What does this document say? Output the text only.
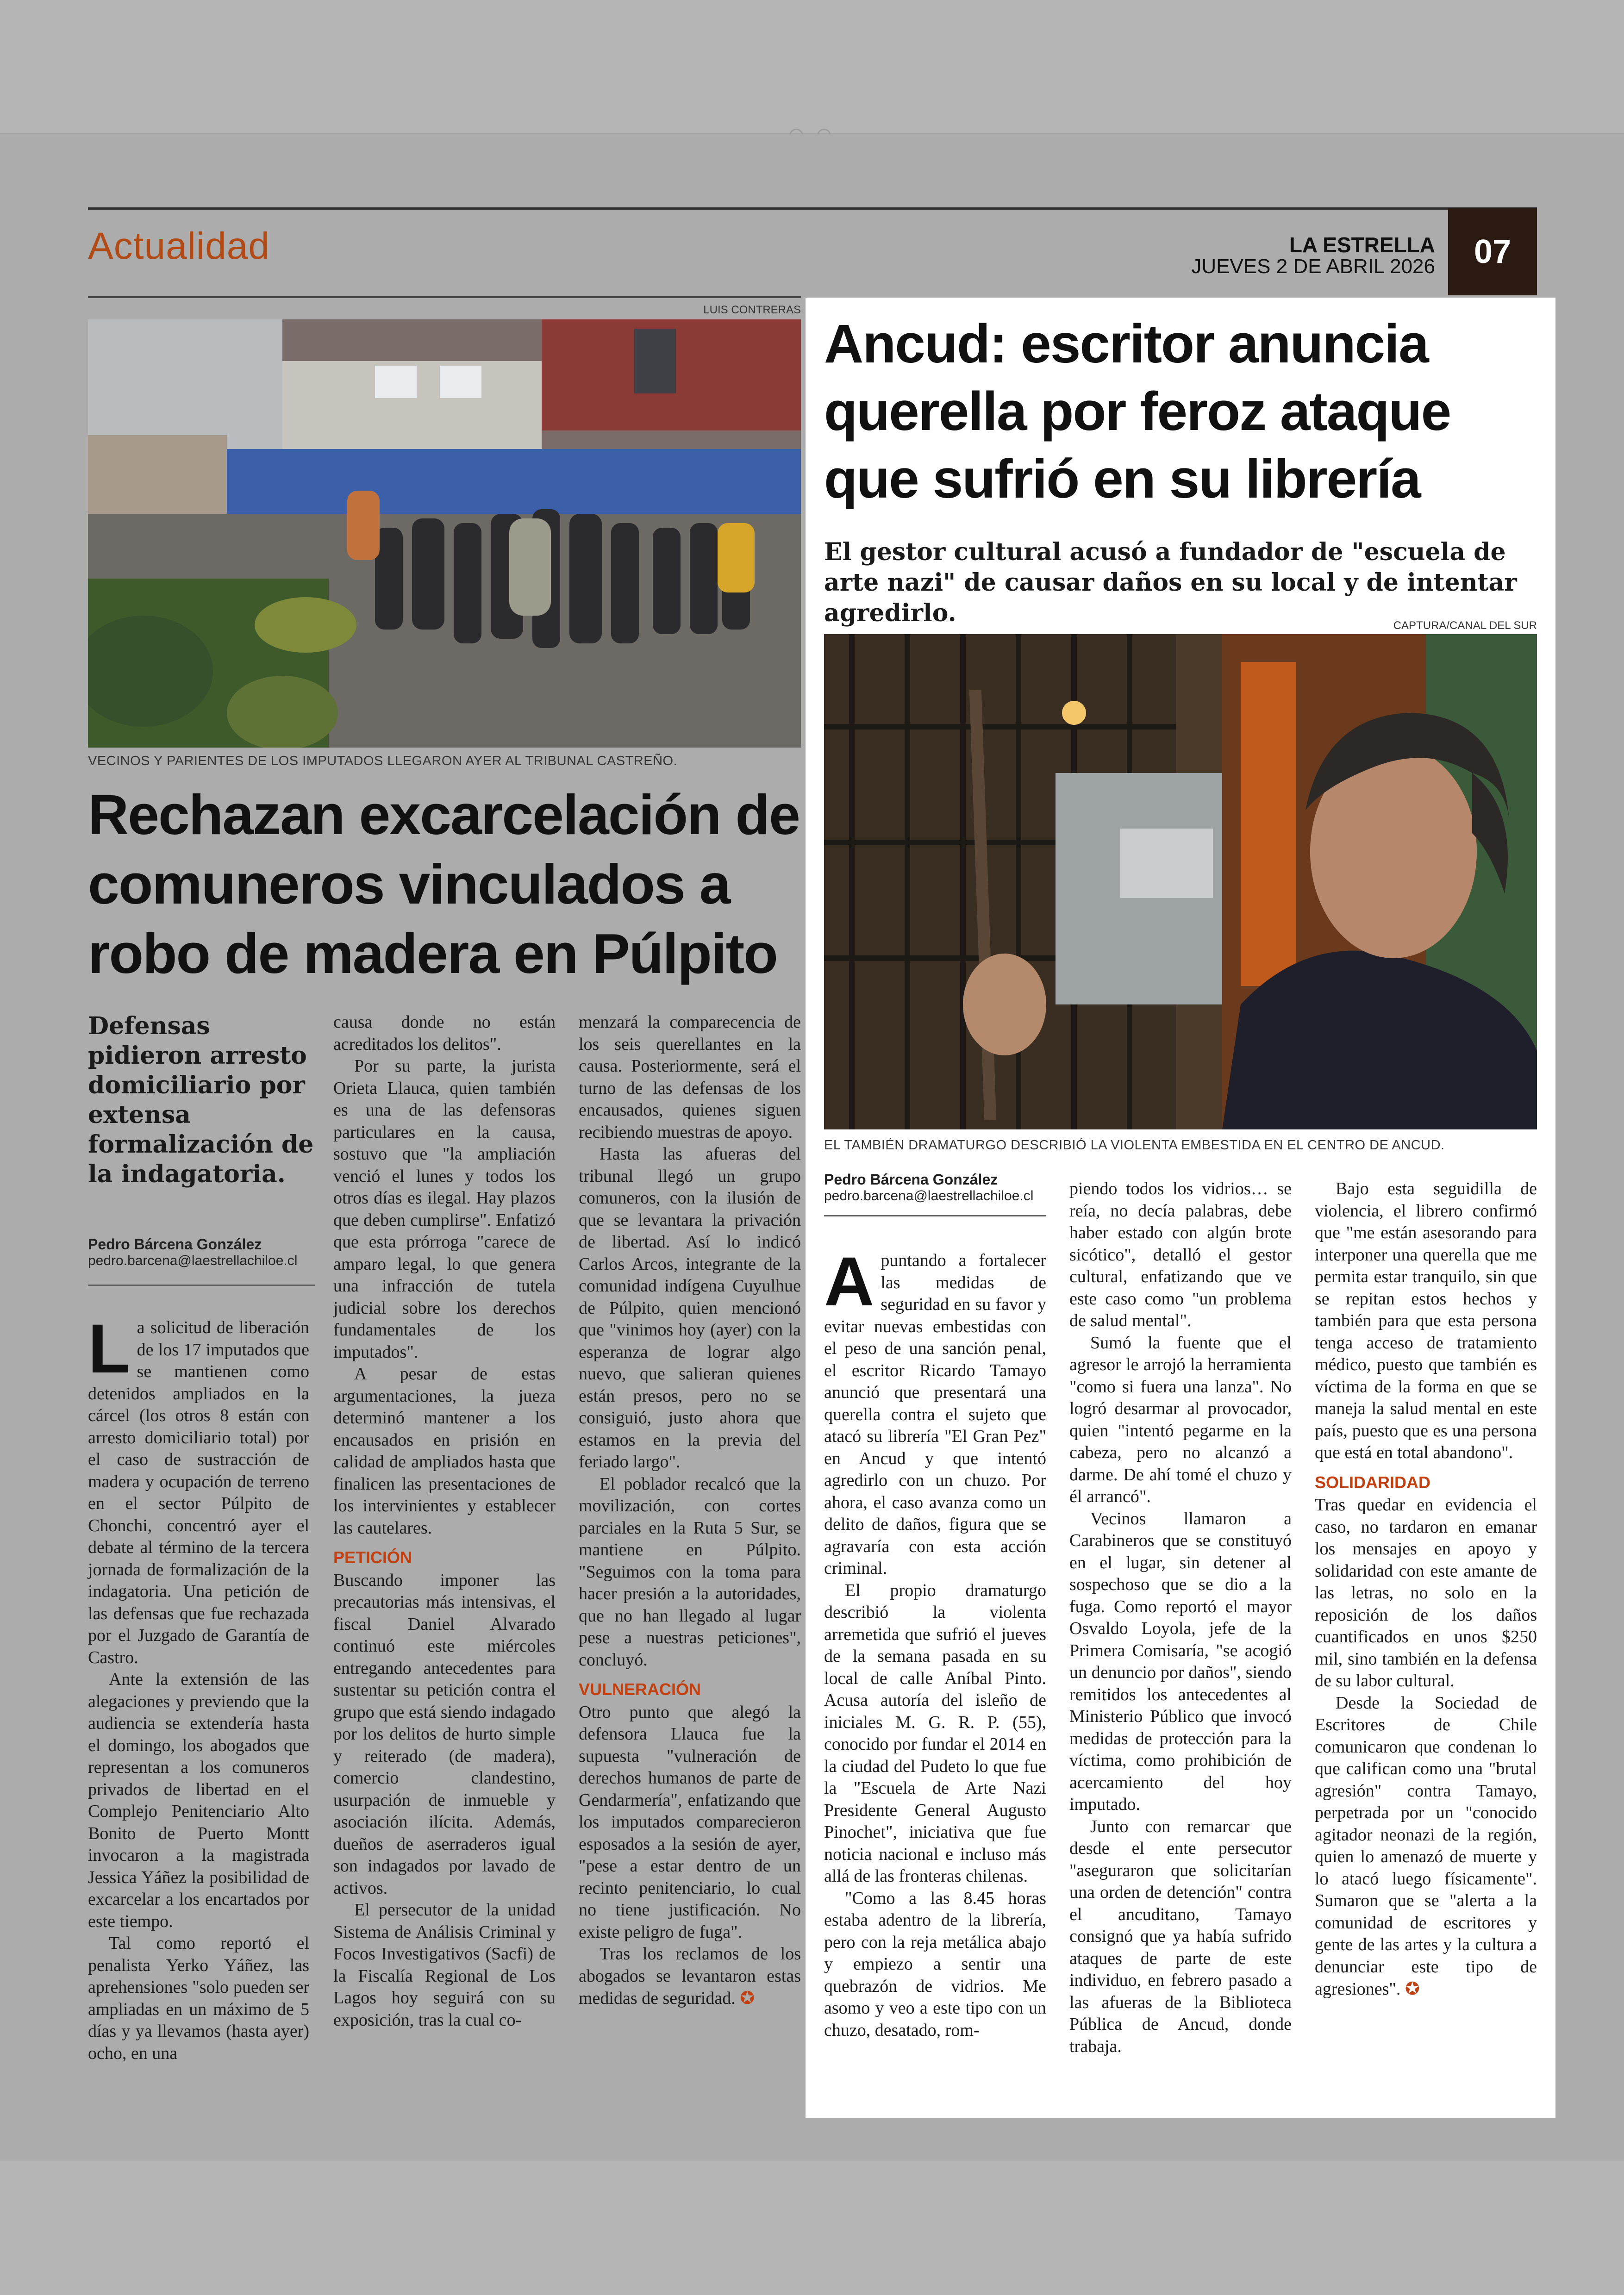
Actualidad	LA ESTRELLA
JUEVES 2 DE ABRIL 2026	07
LUIS CONTRERAS
VECINOS Y PARIENTES DE LOS IMPUTADOS LLEGARON AYER AL TRIBUNAL CASTREÑO.
Rechazan excarcelación de comuneros vinculados a robo de madera en Púlpito
Defensas pidieron arresto domiciliario por extensa formalización de la indagatoria.
Pedro Bárcena González
pedro.barcena@laestrellachiloe.cl

La solicitud de liberación de los 17 imputados que se mantienen como detenidos ampliados en la cárcel (los otros 8 están con arresto domiciliario total) por el caso de sustracción de madera y ocupación de terreno en el sector Púlpito de Chonchi, concentró ayer el debate al término de la tercera jornada de formalización de la indagatoria. Una petición de las defensas que fue rechazada por el Juzgado de Garantía de Castro.

Ante la extensión de las alegaciones y previendo que la audiencia se extendería hasta el domingo, los abogados que representan a los comuneros privados de libertad en el Complejo Penitenciario Alto Bonito de Puerto Montt invocaron a la magistrada Jessica Yáñez la posibilidad de excarcelar a los encartados por este tiempo.

Tal como reportó el penalista Yerko Yáñez, las aprehensiones "solo pueden ser ampliadas en un máximo de 5 días y ya llevamos (hasta ayer) ocho, en una

causa donde no están acreditados los delitos".

Por su parte, la jurista Orieta Llauca, quien también es una de las defensoras particulares en la causa, sostuvo que "la ampliación venció el lunes y todos los otros días es ilegal. Hay plazos que deben cumplirse". Enfatizó que esta prórroga "carece de amparo legal, lo que genera una infracción de tutela judicial sobre los derechos fundamentales de los imputados".

A pesar de estas argumentaciones, la jueza determinó mantener a los encausados en prisión en calidad de ampliados hasta que finalicen las presentaciones de los intervinientes y establecer las cautelares.

PETICIÓN

Buscando imponer las precautorias más intensivas, el fiscal Daniel Alvarado continuó este miércoles entregando antecedentes para sustentar su petición contra el grupo que está siendo indagado por los delitos de hurto simple y reiterado (de madera), comercio clandestino, usurpación de inmueble y asociación ilícita. Además, dueños de aserraderos igual son indagados por lavado de activos.

El persecutor de la unidad Sistema de Análisis Criminal y Focos Investigativos (Sacfi) de la Fiscalía Regional de Los Lagos hoy seguirá con su exposición, tras la cual co-

menzará la comparecencia de los seis querellantes en la causa. Posteriormente, será el turno de las defensas de los encausados, quienes siguen recibiendo muestras de apoyo.

Hasta las afueras del tribunal llegó un grupo comuneros, con la ilusión de que se levantara la privación de libertad. Así lo indicó Carlos Arcos, integrante de la comunidad indígena Cuyulhue de Púlpito, quien mencionó que "vinimos hoy (ayer) con la esperanza de lograr algo nuevo, que salieran quienes están presos, pero no se consiguió, justo ahora que estamos en la previa del feriado largo".

El poblador recalcó que la movilización, con cortes parciales en la Ruta 5 Sur, se mantiene en Púlpito. "Seguimos con la toma para hacer presión a la autoridades, que no han llegado al lugar pese a nuestras peticiones", concluyó.

VULNERACIÓN

Otro punto que alegó la defensora Llauca fue la supuesta "vulneración de derechos humanos de parte de Gendarmería", enfatizando que los imputados comparecieron esposados a la sesión de ayer, "pese a estar dentro de un recinto penitenciario, lo cual no tiene justificación. No existe peligro de fuga".

Tras los reclamos de los abogados se levantaron estas medidas de seguridad. ✪

Ancud: escritor anuncia querella por feroz ataque que sufrió en su librería
El gestor cultural acusó a fundador de "escuela de arte nazi" de causar daños en su local y de intentar agredirlo.	CAPTURA/CANAL DEL SUR
EL TAMBIÉN DRAMATURGO DESCRIBIÓ LA VIOLENTA EMBESTIDA EN EL CENTRO DE ANCUD.
Pedro Bárcena González
pedro.barcena@laestrellachiloe.cl

Apuntando a fortalecer las medidas de seguridad en su favor y evitar nuevas embestidas con el peso de una sanción penal, el escritor Ricardo Tamayo anunció que presentará una querella contra el sujeto que atacó su librería "El Gran Pez" en Ancud y que intentó agredirlo con un chuzo. Por ahora, el caso avanza como un delito de daños, figura que se agravaría con esta acción criminal.

El propio dramaturgo describió la violenta arremetida que sufrió el jueves de la semana pasada en su local de calle Aníbal Pinto. Acusa autoría del isleño de iniciales M. G. R. P. (55), conocido por fundar el 2014 en la ciudad del Pudeto lo que fue la "Escuela de Arte Nazi Presidente General Augusto Pinochet", iniciativa que fue noticia nacional e incluso más allá de las fronteras chilenas.

"Como a las 8.45 horas estaba adentro de la librería, pero con la reja metálica abajo y empiezo a sentir una quebrazón de vidrios. Me asomo y veo a este tipo con un chuzo, desatado, rom-

piendo todos los vidrios… se reía, no decía palabras, debe haber estado con algún brote sicótico", detalló el gestor cultural, enfatizando que ve este caso como "un problema de salud mental".

Sumó la fuente que el agresor le arrojó la herramienta "como si fuera una lanza". No logró desarmar al provocador, quien "intentó pegarme en la cabeza, pero no alcanzó a darme. De ahí tomé el chuzo y él arrancó".

Vecinos llamaron a Carabineros que se constituyó en el lugar, sin detener al sospechoso que se dio a la fuga. Como reportó el mayor Osvaldo Loyola, jefe de la Primera Comisaría, "se acogió un denuncio por daños", siendo remitidos los antecedentes al Ministerio Público que invocó medidas de protección para la víctima, como prohibición de acercamiento del hoy imputado.

Junto con remarcar que desde el ente persecutor "aseguraron que solicitarían una orden de detención" contra el ancuditano, Tamayo consignó que ya había sufrido ataques de parte de este individuo, en febrero pasado a las afueras de la Biblioteca Pública de Ancud, donde trabaja.

Bajo esta seguidilla de violencia, el librero confirmó que "me están asesorando para interponer una querella que me permita estar tranquilo, sin que se repitan estos hechos y también para que esta persona tenga acceso de tratamiento médico, puesto que también es víctima de la forma en que se maneja la salud mental en este país, puesto que es una persona que está en total abandono".

SOLIDARIDAD

Tras quedar en evidencia el caso, no tardaron en emanar los mensajes en apoyo y solidaridad con este amante de las letras, no solo en la reposición de los daños cuantificados en unos $250 mil, sino también en la defensa de su labor cultural.

Desde la Sociedad de Escritores de Chile comunicaron que condenan lo que califican como una "brutal agresión" contra Tamayo, perpetrada por un "conocido agitador neonazi de la región, quien lo amenazó de muerte y lo atacó luego físicamente". Sumaron que se "alerta a la comunidad de escritores y gente de las artes y la cultura a denunciar este tipo de agresiones". ✪
